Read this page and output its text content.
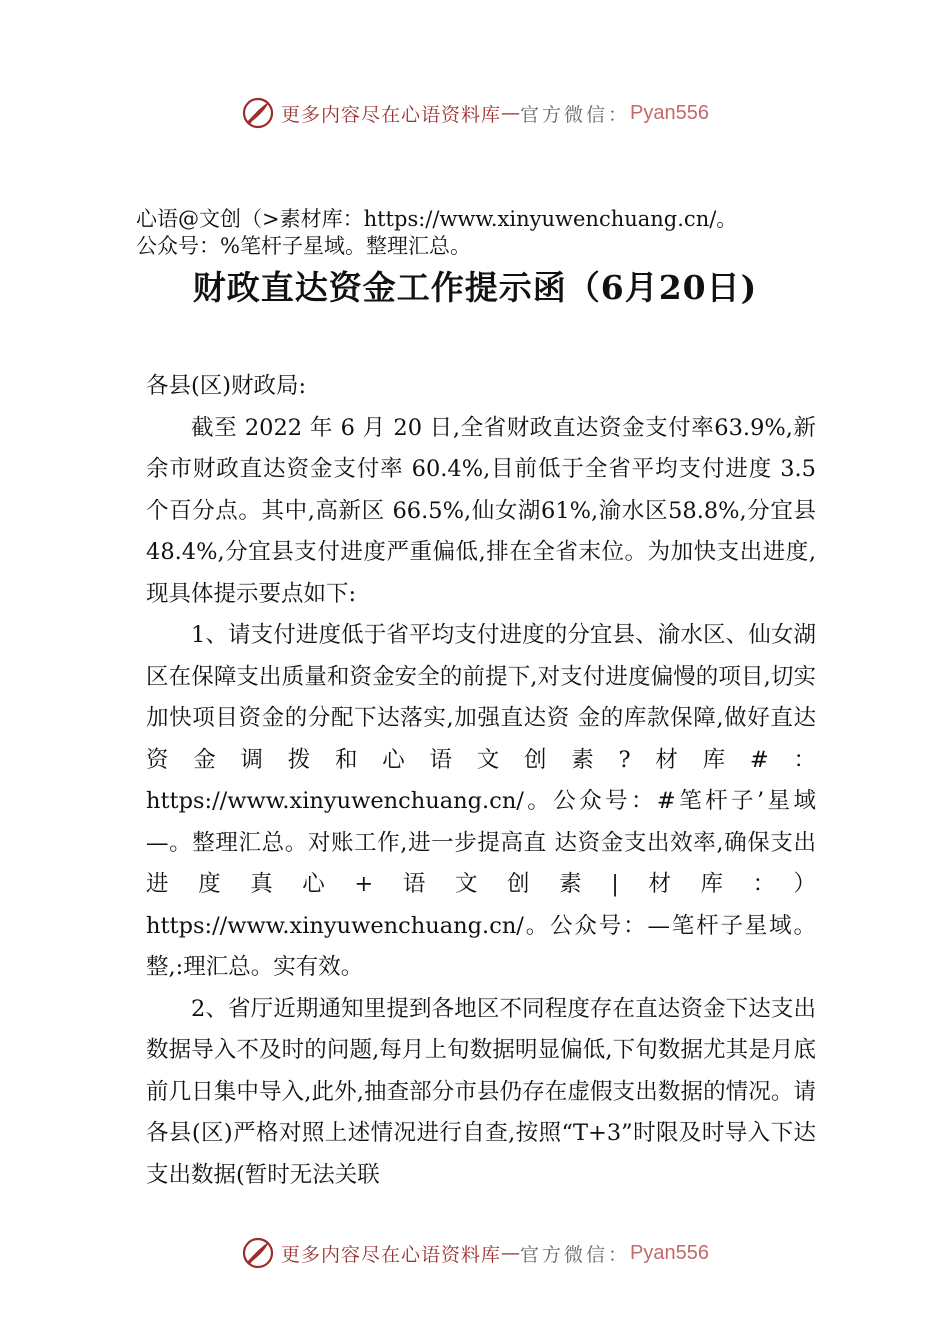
更多内容尽在心语资料库 — 官方微信： Pyan556
心语@文创（>素材库：https://www.xinyuwenchuang.cn/。
公众号：%笔杆子星域。整理汇总。
财政直达资金工作提示函（6月20日)

各县(区)财政局:

截至 2022 年 6 月 20 日,全省财政直达资金支付率63.9%,新余市财政直达资金支付率 60.4%,目前低于全省平均支付进度 3.5 个百分点。其中,高新区 66.5%,仙女湖61%,渝水区58.8%,分宜县 48.4%,分宜县支付进度严重偏低,排在全省末位。为加快支出进度,现具体提示要点如下:

1、请支付进度低于省平均支付进度的分宜县、渝水区、仙女湖区在保障支出质量和资金安全的前提下,对支付进度偏慢的项目,切实加快项目资金的分配下达落实,加强直达资 金的库款保障,做好直达资金调拨和心语文创素?材库#：https://www.xinyuwenchuang.cn/。公众号：#笔杆子’星域—。整理汇总。对账工作,进一步提高直 达资金支出效率,确保支出进度真心+语文创素|材库：）https://www.xinyuwenchuang.cn/。公众号：—笔杆子星域。整,:理汇总。实有效。

2、省厅近期通知里提到各地区不同程度存在直达资金下达支出数据导入不及时的问题,每月上旬数据明显偏低,下旬数据尤其是月底前几日集中导入,此外,抽查部分市县仍存在虚假支出数据的情况。请各县(区)严格对照上述情况进行自查,按照“T+3”时限及时导入下达支出数据(暂时无法关联

更多内容尽在心语资料库 — 官方微信： Pyan556
